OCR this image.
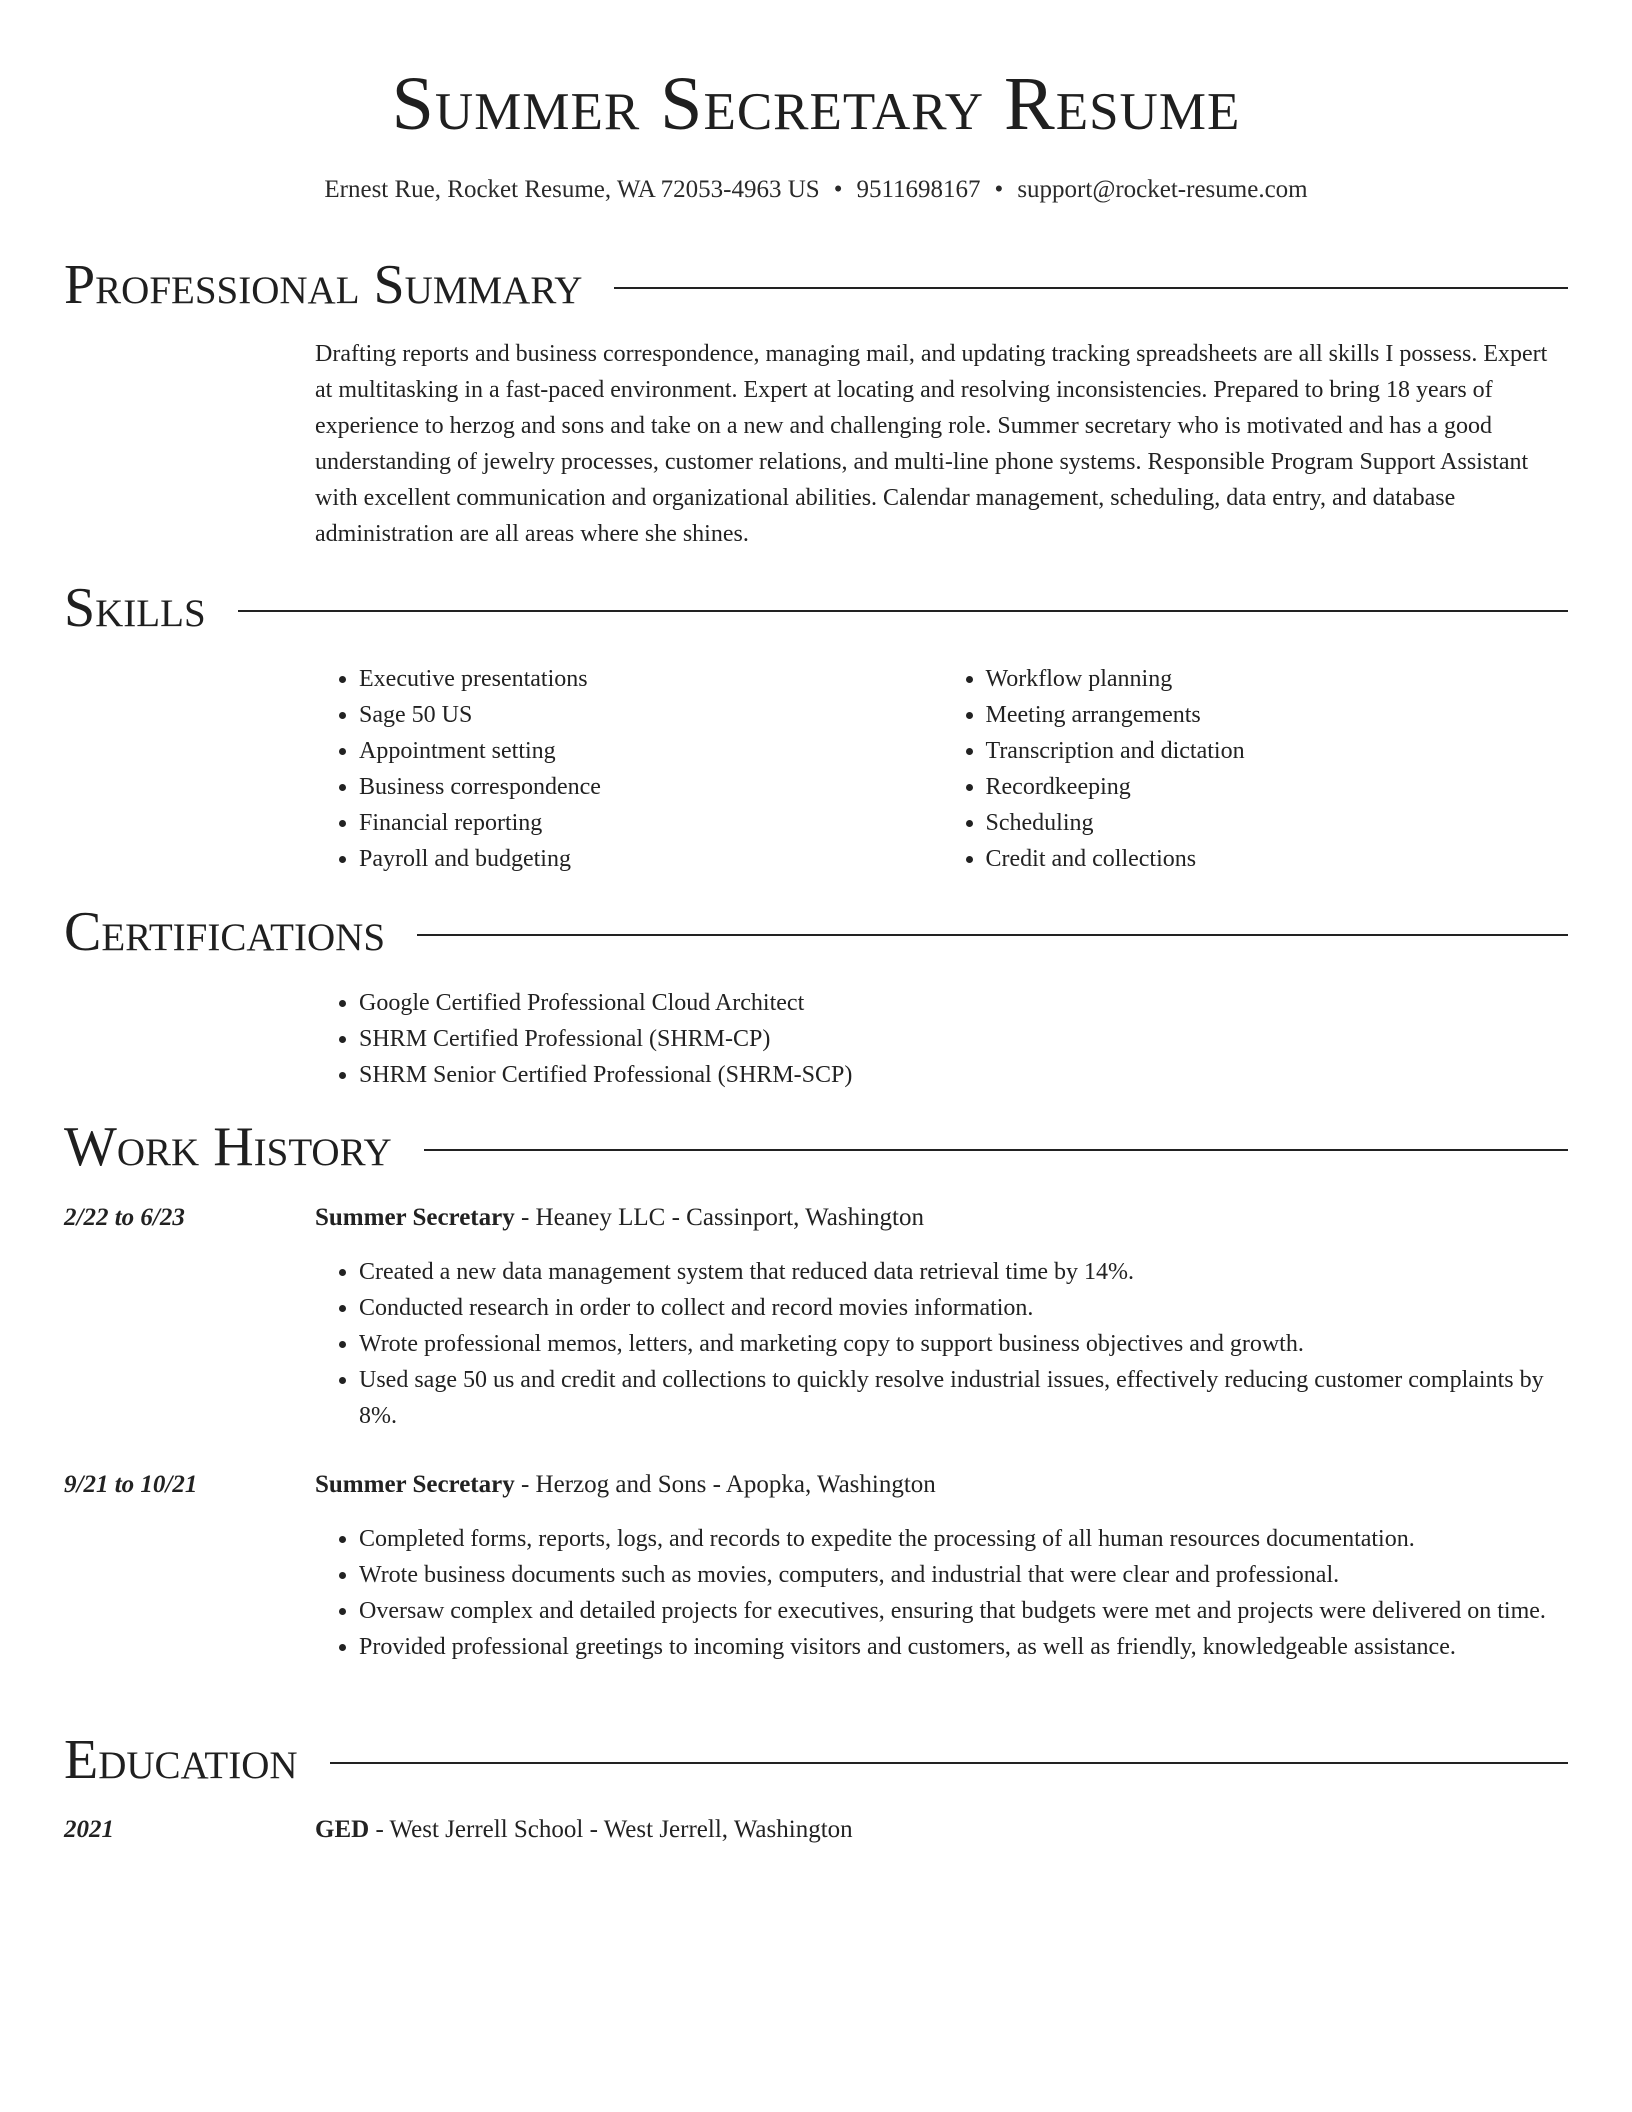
Summer Secretary Resume
Ernest Rue, Rocket Resume, WA 72053-4963 US • 9511698167 • support@rocket-resume.com
Professional Summary

Drafting reports and business correspondence, managing mail, and updating tracking spreadsheets are all skills I possess. Expert at multitasking in a fast-paced environment. Expert at locating and resolving inconsistencies. Prepared to bring 18 years of experience to herzog and sons and take on a new and challenging role. Summer secretary who is motivated and has a good understanding of jewelry processes, customer relations, and multi-line phone systems. Responsible Program Support Assistant with excellent communication and organizational abilities. Calendar management, scheduling, data entry, and database administration are all areas where she shines.

Skills
• Executive presentations
• Sage 50 US
• Appointment setting
• Business correspondence
• Financial reporting
• Payroll and budgeting
• Workflow planning
• Meeting arrangements
• Transcription and dictation
• Recordkeeping
• Scheduling
• Credit and collections
Certifications
• Google Certified Professional Cloud Architect
• SHRM Certified Professional (SHRM-CP)
• SHRM Senior Certified Professional (SHRM-SCP)
Work History
2/22 to 6/23	Summer Secretary - Heaney LLC - Cassinport, Washington
• Created a new data management system that reduced data retrieval time by 14%.
• Conducted research in order to collect and record movies information.
• Wrote professional memos, letters, and marketing copy to support business objectives and growth.
• Used sage 50 us and credit and collections to quickly resolve industrial issues, effectively reducing customer complaints by 8%.
9/21 to 10/21	Summer Secretary - Herzog and Sons - Apopka, Washington
• Completed forms, reports, logs, and records to expedite the processing of all human resources documentation.
• Wrote business documents such as movies, computers, and industrial that were clear and professional.
• Oversaw complex and detailed projects for executives, ensuring that budgets were met and projects were delivered on time.
• Provided professional greetings to incoming visitors and customers, as well as friendly, knowledgeable assistance.
Education
2021	GED - West Jerrell School - West Jerrell, Washington
